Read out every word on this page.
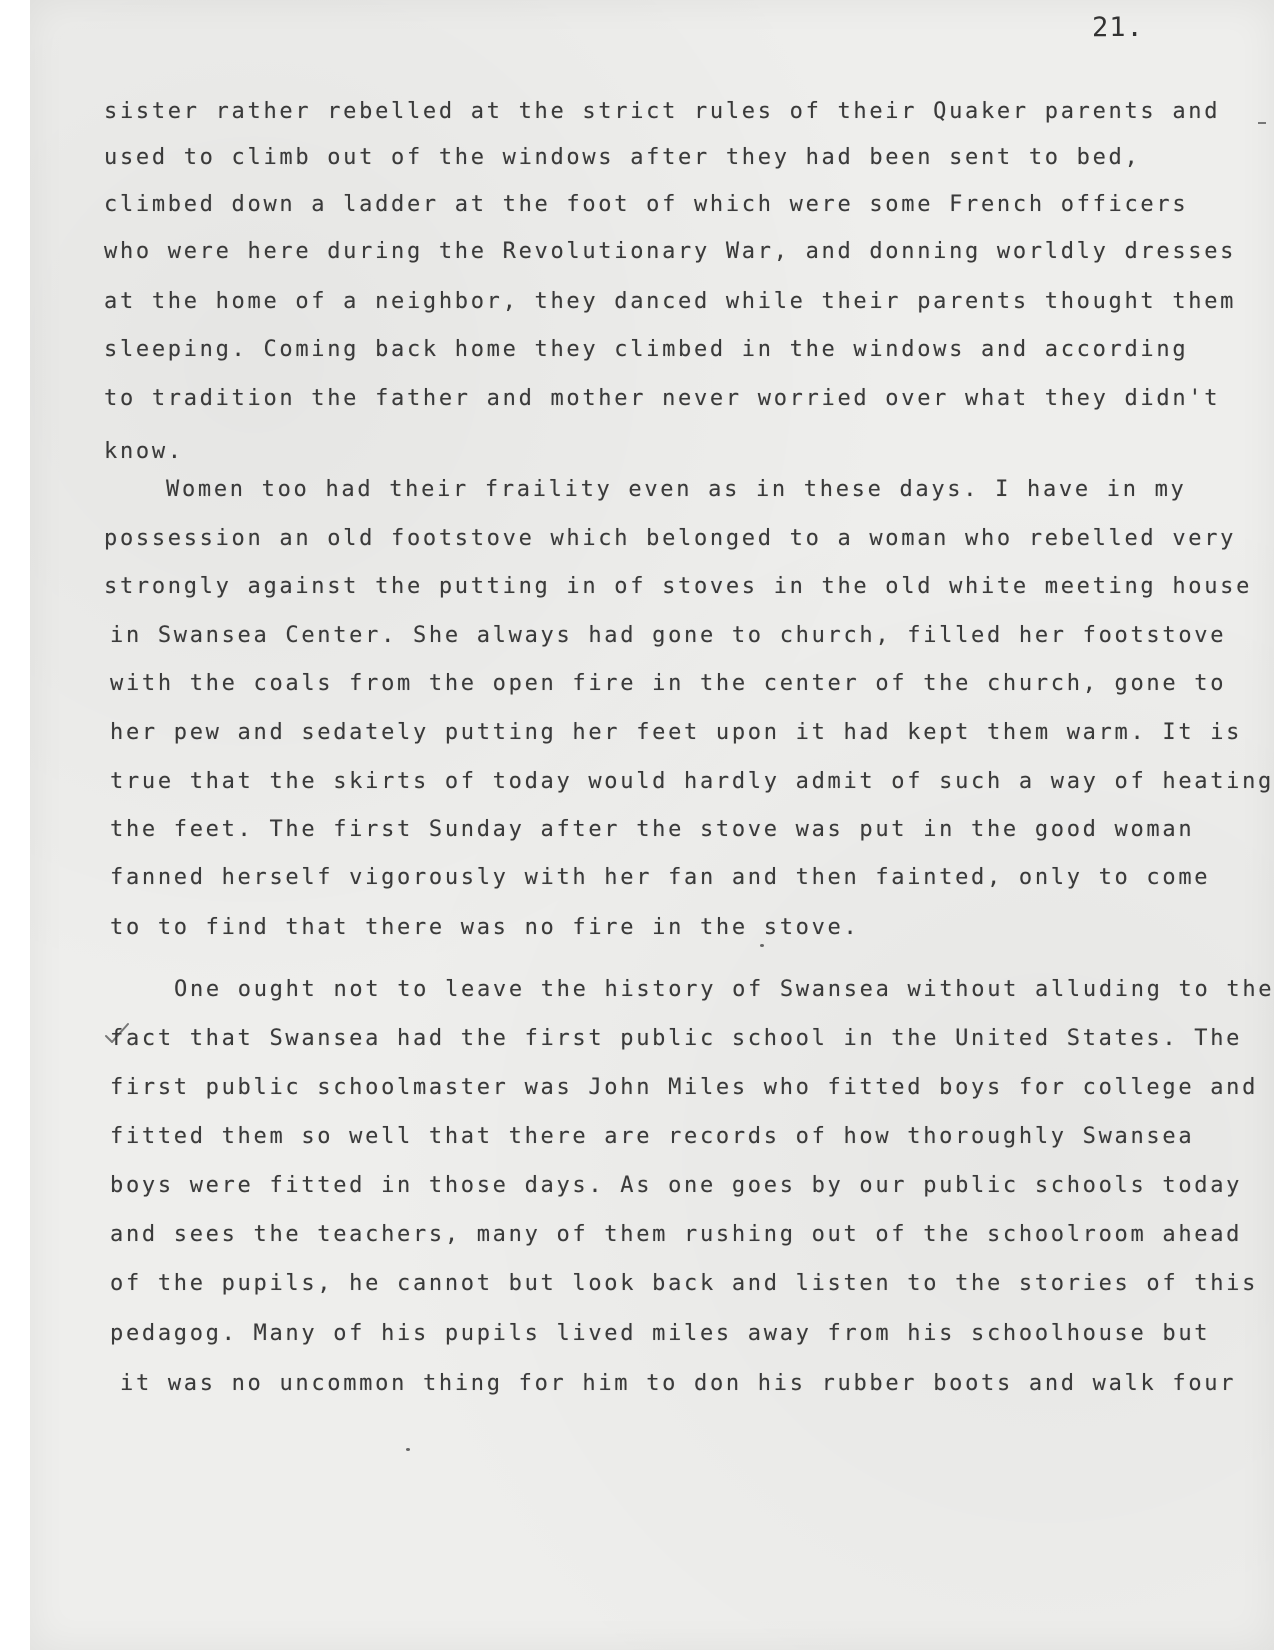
21.
sister rather rebelled at the strict rules of their Quaker parents and
used to climb out of the windows after they had been sent to bed,
climbed down a ladder at the foot of which were some French officers
who were here during the Revolutionary War, and donning worldly dresses
at the home of a neighbor, they danced while their parents thought them
sleeping. Coming back home they climbed in the windows and according
to tradition the father and mother never worried over what they didn't
know.
Women too had their fraility even as in these days. I have in my
possession an old footstove which belonged to a woman who rebelled very
strongly against the putting in of stoves in the old white meeting house
in Swansea Center. She always had gone to church, filled her footstove
with the coals from the open fire in the center of the church, gone to
her pew and sedately putting her feet upon it had kept them warm. It is
true that the skirts of today would hardly admit of such a way of heating
the feet. The first Sunday after the stove was put in the good woman
fanned herself vigorously with her fan and then fainted, only to come
to to find that there was no fire in the stove.
One ought not to leave the history of Swansea without alluding to the
fact that Swansea had the first public school in the United States. The
first public schoolmaster was John Miles who fitted boys for college and
fitted them so well that there are records of how thoroughly Swansea
boys were fitted in those days. As one goes by our public schools today
and sees the teachers, many of them rushing out of the schoolroom ahead
of the pupils, he cannot but look back and listen to the stories of this
pedagog. Many of his pupils lived miles away from his schoolhouse but
it was no uncommon thing for him to don his rubber boots and walk four
